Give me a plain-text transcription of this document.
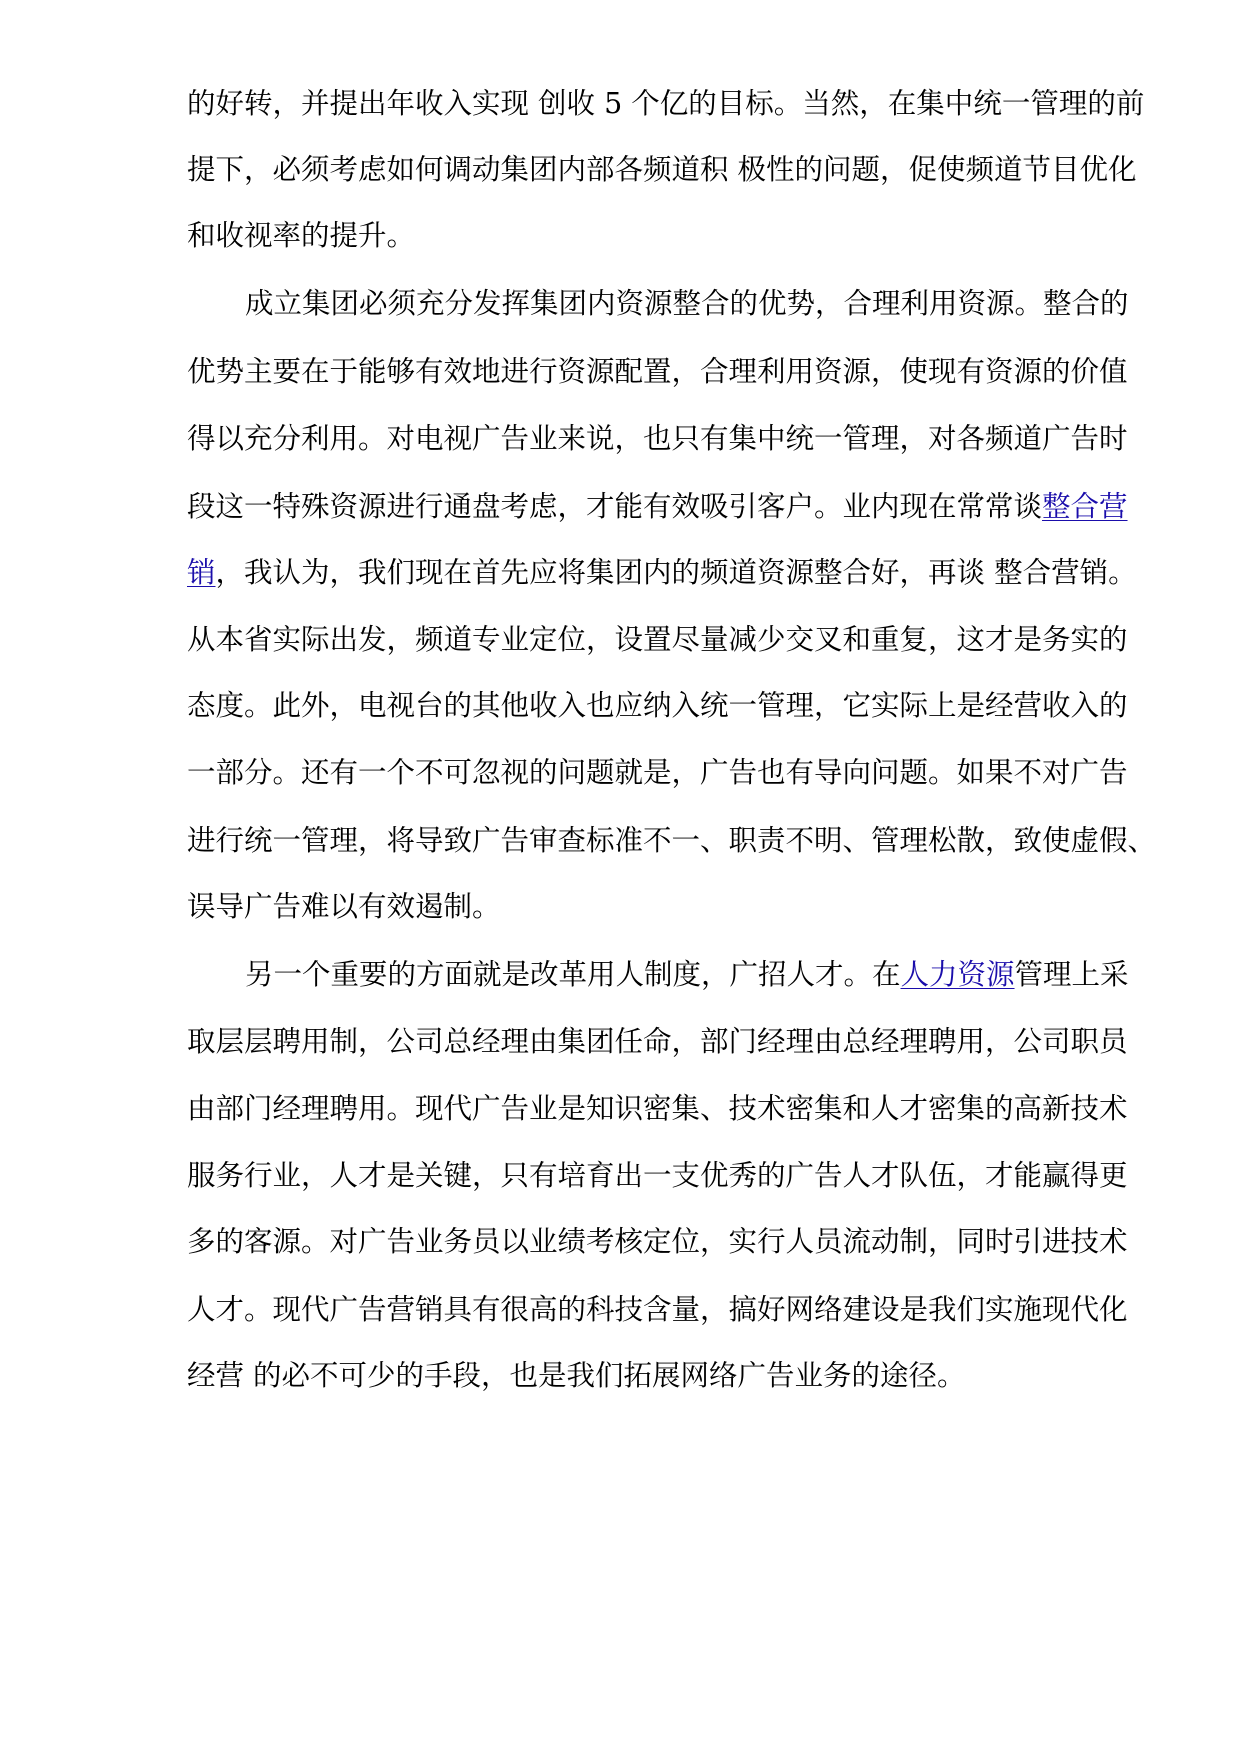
的好转，并提出年收入实现 创收 5 个亿的目标。当然，在集中统一管理的前
提下，必须考虑如何调动集团内部各频道积 极性的问题，促使频道节目优化
和收视率的提升。
成立集团必须充分发挥集团内资源整合的优势，合理利用资源。整合的
优势主要在于能够有效地进行资源配置，合理利用资源，使现有资源的价值
得以充分利用。对电视广告业来说，也只有集中统一管理，对各频道广告时
段这一特殊资源进行通盘考虑，才能有效吸引客户。业内现在常常谈整合营
销，我认为，我们现在首先应将集团内的频道资源整合好，再谈 整合营销。
从本省实际出发，频道专业定位，设置尽量减少交叉和重复，这才是务实的
态度。此外，电视台的其他收入也应纳入统一管理，它实际上是经营收入的
一部分。还有一个不可忽视的问题就是，广告也有导向问题。如果不对广告
进行统一管理，将导致广告审查标准不一、职责不明、管理松散，致使虚假、
误导广告难以有效遏制。
另一个重要的方面就是改革用人制度，广招人才。在人力资源管理上采
取层层聘用制，公司总经理由集团任命，部门经理由总经理聘用，公司职员
由部门经理聘用。现代广告业是知识密集、技术密集和人才密集的高新技术
服务行业，人才是关键，只有培育出一支优秀的广告人才队伍，才能赢得更
多的客源。对广告业务员以业绩考核定位，实行人员流动制，同时引进技术
人才。现代广告营销具有很高的科技含量，搞好网络建设是我们实施现代化
经营 的必不可少的手段，也是我们拓展网络广告业务的途径。
